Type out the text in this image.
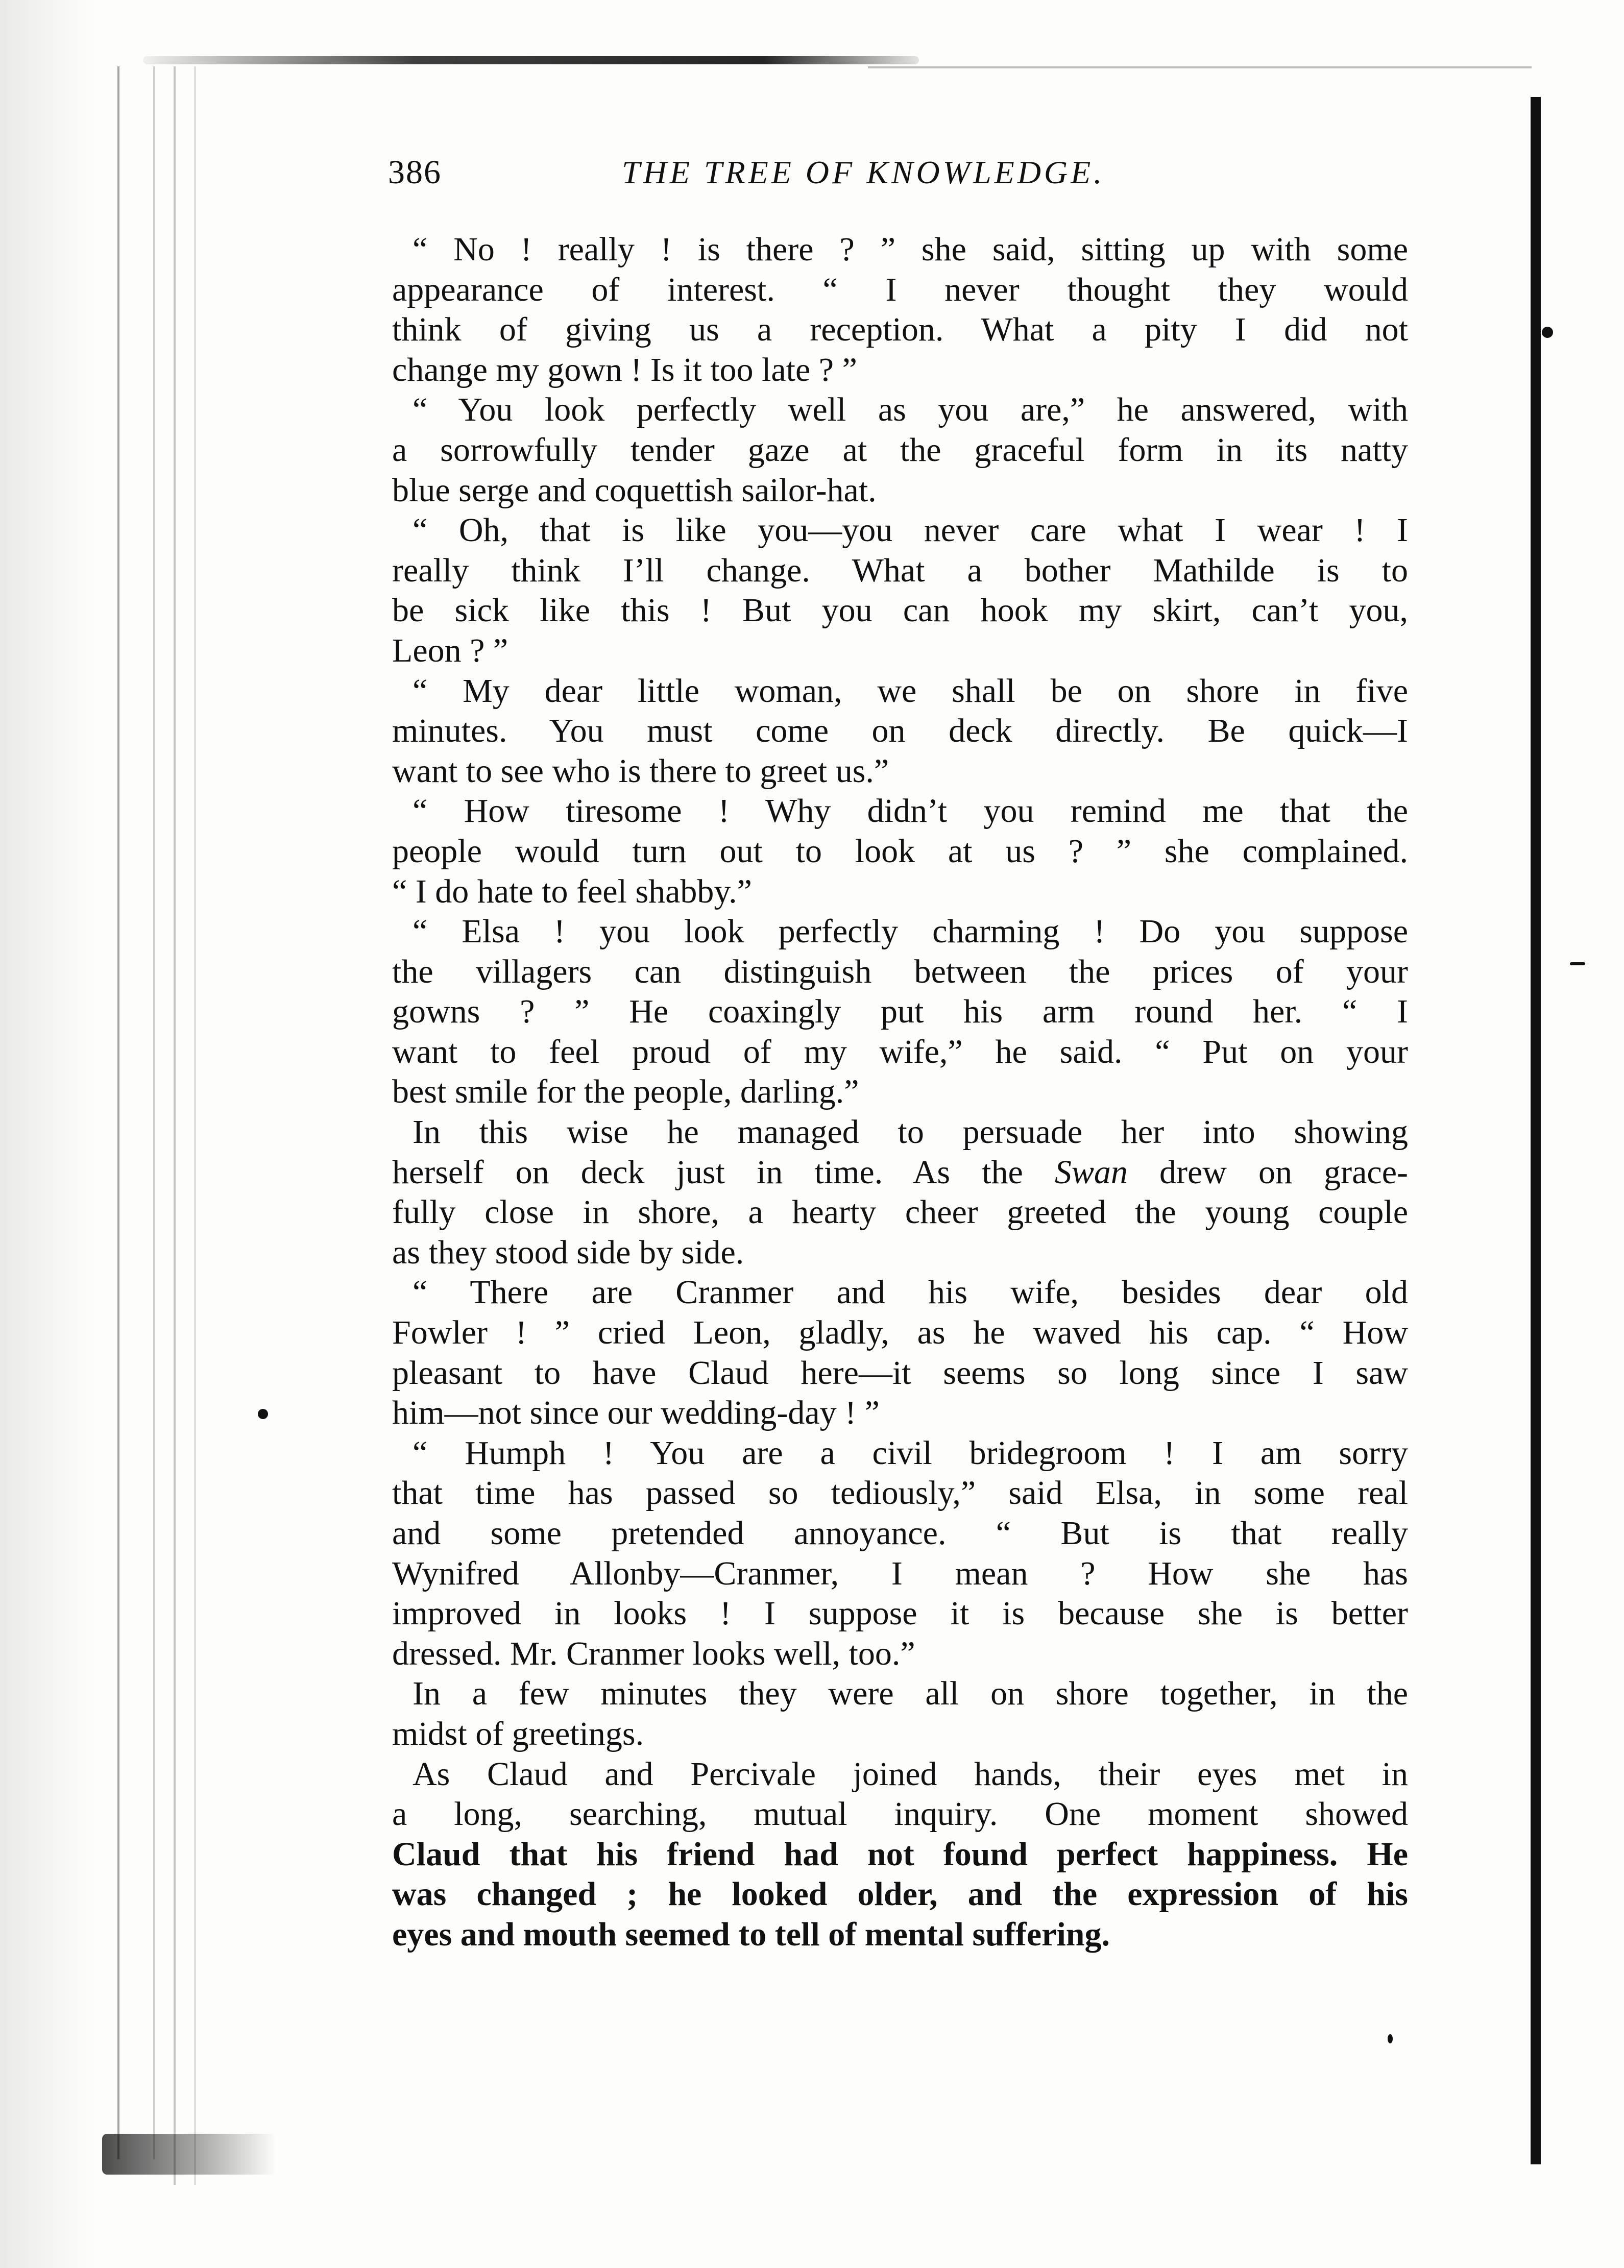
386	THE TREE OF KNOWLEDGE.
“ No ! really ! is there ? ” she said, sitting up with some
appearance of interest. “ I never thought they would
think of giving us a reception. What a pity I did not
change my gown ! Is it too late ? ”
“ You look perfectly well as you are,” he answered, with
a sorrowfully tender gaze at the graceful form in its natty
blue serge and coquettish sailor-hat.
“ Oh, that is like you—you never care what I wear ! I
really think I’ll change. What a bother Mathilde is to
be sick like this ! But you can hook my skirt, can’t you,
Leon ? ”
“ My dear little woman, we shall be on shore in five
minutes. You must come on deck directly. Be quick—I
want to see who is there to greet us.”
“ How tiresome ! Why didn’t you remind me that the
people would turn out to look at us ? ” she complained.
“ I do hate to feel shabby.”
“ Elsa ! you look perfectly charming ! Do you suppose
the villagers can distinguish between the prices of your
gowns ? ” He coaxingly put his arm round her. “ I
want to feel proud of my wife,” he said. “ Put on your
best smile for the people, darling.”
In this wise he managed to persuade her into showing
herself on deck just in time. As the Swan drew on grace-
fully close in shore, a hearty cheer greeted the young couple
as they stood side by side.
“ There are Cranmer and his wife, besides dear old
Fowler ! ” cried Leon, gladly, as he waved his cap. “ How
pleasant to have Claud here—it seems so long since I saw
him—not since our wedding-day ! ”
“ Humph ! You are a civil bridegroom ! I am sorry
that time has passed so tediously,” said Elsa, in some real
and some pretended annoyance. “ But is that really
Wynifred Allonby—Cranmer, I mean ? How she has
improved in looks ! I suppose it is because she is better
dressed. Mr. Cranmer looks well, too.”
In a few minutes they were all on shore together, in the
midst of greetings.
As Claud and Percivale joined hands, their eyes met in
a long, searching, mutual inquiry. One moment showed
Claud that his friend had not found perfect happiness. He
was changed ; he looked older, and the expression of his
eyes and mouth seemed to tell of mental suffering.
